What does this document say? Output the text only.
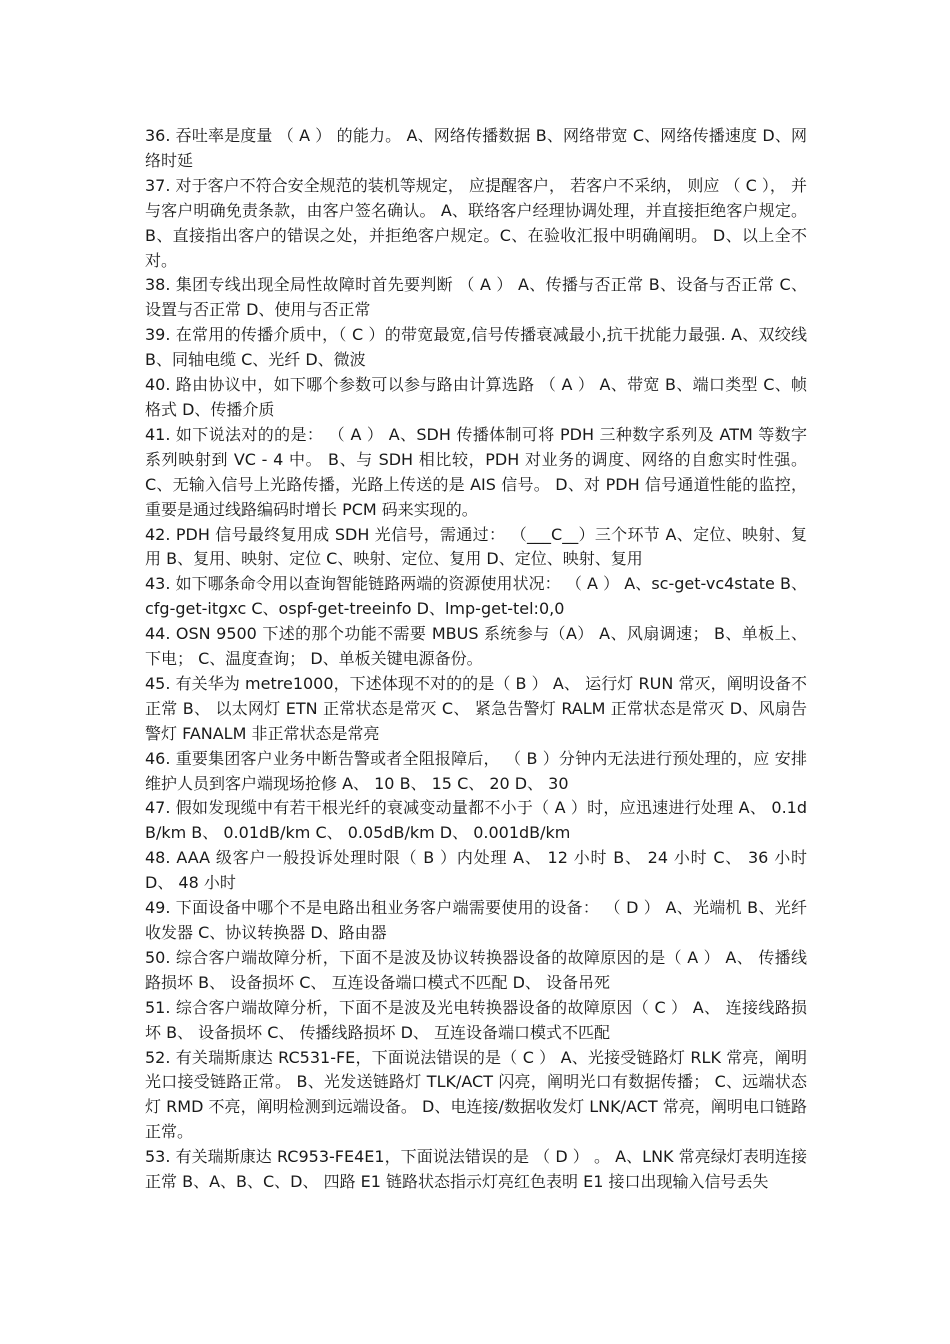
36. 吞吐率是度量 （ A ） 的能力。 A、网络传播数据 B、网络带宽 C、网络传播速度 D、网络时延

37. 对于客户不符合安全规范的装机等规定， 应提醒客户， 若客户不采纳， 则应 （ C ）， 并与客户明确免责条款，由客户签名确认。 A、联络客户经理协调处理，并直接拒绝客户规定。 B、直接指出客户的错误之处，并拒绝客户规定。C、在验收汇报中明确阐明。 D、以上全不对。

38. 集团专线出现全局性故障时首先要判断 （ A ） A、传播与否正常 B、设备与否正常 C、设置与否正常 D、使用与否正常

39. 在常用的传播介质中，（ C ）的带宽最宽,信号传播衰减最小,抗干扰能力最强. A、双绞线 B、同轴电缆 C、光纤 D、微波

40. 路由协议中，如下哪个参数可以参与路由计算选路 （ A ） A、带宽 B、端口类型 C、帧格式 D、传播介质

41. 如下说法对的的是： （ A ） A、SDH 传播体制可将 PDH 三种数字系列及 ATM 等数字系列映射到 VC - 4 中。 B、与 SDH 相比较，PDH 对业务的调度、网络的自愈实时性强。 C、无输入信号上光路传播，光路上传送的是 AIS 信号。 D、对 PDH 信号通道性能的监控，重要是通过线路编码时增长 PCM 码来实现的。

42. PDH 信号最终复用成 SDH 光信号，需通过： （___C__）三个环节 A、定位、映射、复用 B、复用、映射、定位 C、映射、定位、复用 D、定位、映射、复用

43. 如下哪条命令用以查询智能链路两端的资源使用状况： （ A ） A、sc-get-vc4state B、cfg-get-itgxc C、ospf-get-treeinfo D、lmp-get-tel:0,0

44. OSN 9500 下述的那个功能不需要 MBUS 系统参与（A） A、风扇调速； B、单板上、下电； C、温度查询； D、单板关键电源备份。

45. 有关华为 metre1000，下述体现不对的的是（ B ） A、 运行灯 RUN 常灭，阐明设备不正常 B、 以太网灯 ETN 正常状态是常灭 C、 紧急告警灯 RALM 正常状态是常灭 D、风扇告警灯 FANALM 非正常状态是常亮

46. 重要集团客户业务中断告警或者全阻报障后， （ B ）分钟内无法进行预处理的，应 安排维护人员到客户端现场抢修 A、 10 B、 15 C、 20 D、 30

47. 假如发现缆中有若干根光纤的衰减变动量都不小于（ A ）时，应迅速进行处理 A、 0.1dB/km B、 0.01dB/km C、 0.05dB/km D、 0.001dB/km

48. AAA 级客户一般投诉处理时限（ B ）内处理 A、 12 小时 B、 24 小时 C、 36 小时 D、 48 小时

49. 下面设备中哪个不是电路出租业务客户端需要使用的设备： （ D ） A、光端机 B、光纤收发器 C、协议转换器 D、路由器

50. 综合客户端故障分析，下面不是波及协议转换器设备的故障原因的是（ A ） A、 传播线路损坏 B、 设备损坏 C、 互连设备端口模式不匹配 D、 设备吊死

51. 综合客户端故障分析，下面不是波及光电转换器设备的故障原因（ C ） A、 连接线路损坏 B、 设备损坏 C、 传播线路损坏 D、 互连设备端口模式不匹配

52. 有关瑞斯康达 RC531-FE，下面说法错误的是（ C ） A、光接受链路灯 RLK 常亮，阐明光口接受链路正常。 B、光发送链路灯 TLK/ACT 闪亮，阐明光口有数据传播； C、远端状态灯 RMD 不亮，阐明检测到远端设备。 D、电连接/数据收发灯 LNK/ACT 常亮，阐明电口链路正常。

53. 有关瑞斯康达 RC953-FE4E1，下面说法错误的是 （ D ） 。 A、LNK 常亮绿灯表明连接正常 B、A、B、C、D、 四路 E1 链路状态指示灯亮红色表明 E1 接口出现输入信号丢失
